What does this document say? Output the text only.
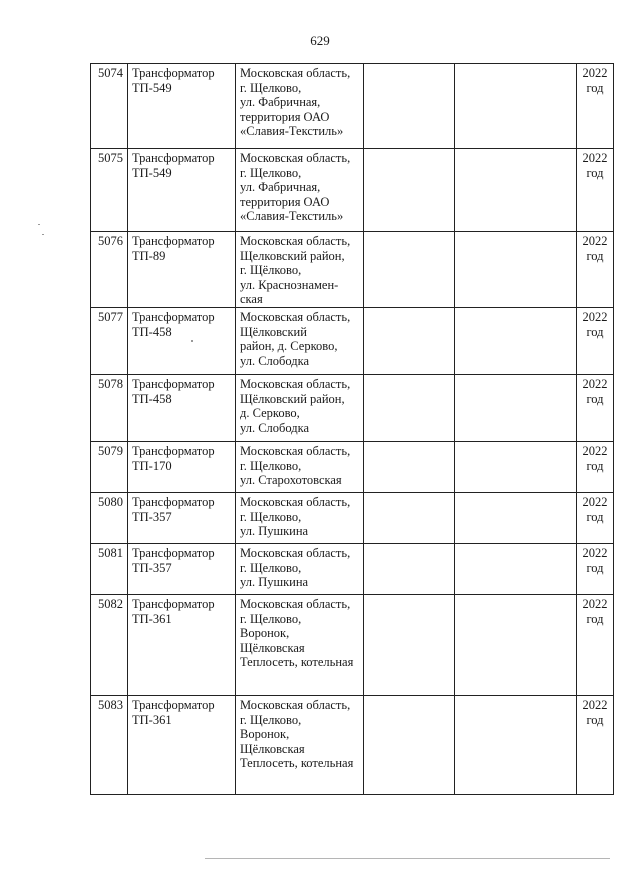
629
5074	Трансформатор
ТП-549	Московская область,
г. Щелково,
ул. Фабричная,
территория ОАО
«Славия-Текстиль»			2022
год

5075	Трансформатор
ТП-549	Московская область,
г. Щелково,
ул. Фабричная,
территория ОАО
«Славия-Текстиль»			2022
год

5076	Трансформатор
ТП-89	Московская область,
Щелковский район,
г. Щёлково,
ул. Краснознамен-
ская			2022
год

5077	Трансформатор
ТП-458	Московская область,
Щёлковский
район, д. Серково,
ул. Слободка			2022
год

5078	Трансформатор
ТП-458	Московская область,
Щёлковский район,
д. Серково,
ул. Слободка			2022
год

5079	Трансформатор
ТП-170	Московская область,
г. Щелково,
ул. Старохотовская			2022
год

5080	Трансформатор
ТП-357	Московская область,
г. Щелково,
ул. Пушкина			2022
год

5081	Трансформатор
ТП-357	Московская область,
г. Щелково,
ул. Пушкина			2022
год

5082	Трансформатор
ТП-361	Московская область,
г. Щелково,
Воронок,
Щёлковская
Теплосеть, котельная			2022
год

5083	Трансформатор
ТП-361	Московская область,
г. Щелково,
Воронок,
Щёлковская
Теплосеть, котельная			2022
год
